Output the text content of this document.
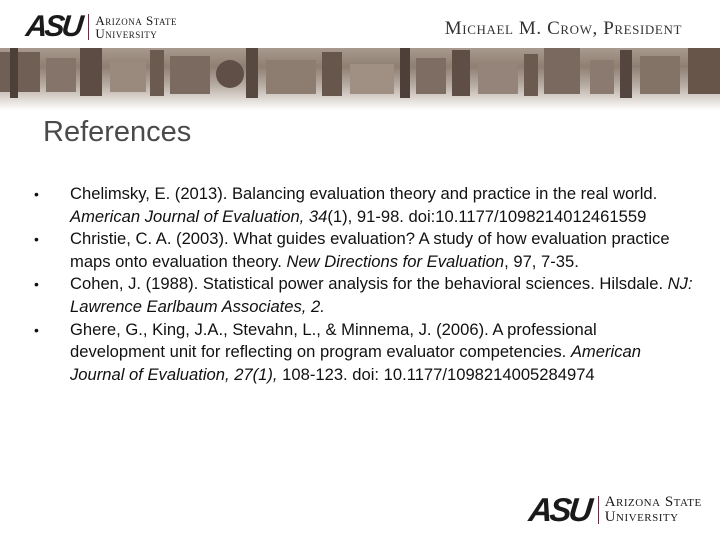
ASU Arizona State
University	Michael M. Crow, President
References
• Chelimsky, E. (2013). Balancing evaluation theory and practice in the real world. American Journal of Evaluation, 34(1), 91-98. doi:10.1177/1098214012461559
• Christie, C. A. (2003). What guides evaluation? A study of how evaluation practice maps onto evaluation theory. New Directions for Evaluation, 97, 7-35.
• Cohen, J. (1988). Statistical power analysis for the behavioral sciences. Hilsdale. NJ: Lawrence Earlbaum Associates, 2.
• Ghere, G., King, J.A., Stevahn, L., & Minnema, J. (2006). A professional development unit for reflecting on program evaluator competencies. American Journal of Evaluation, 27(1), 108-123. doi: 10.1177/1098214005284974
ASU Arizona State
University
